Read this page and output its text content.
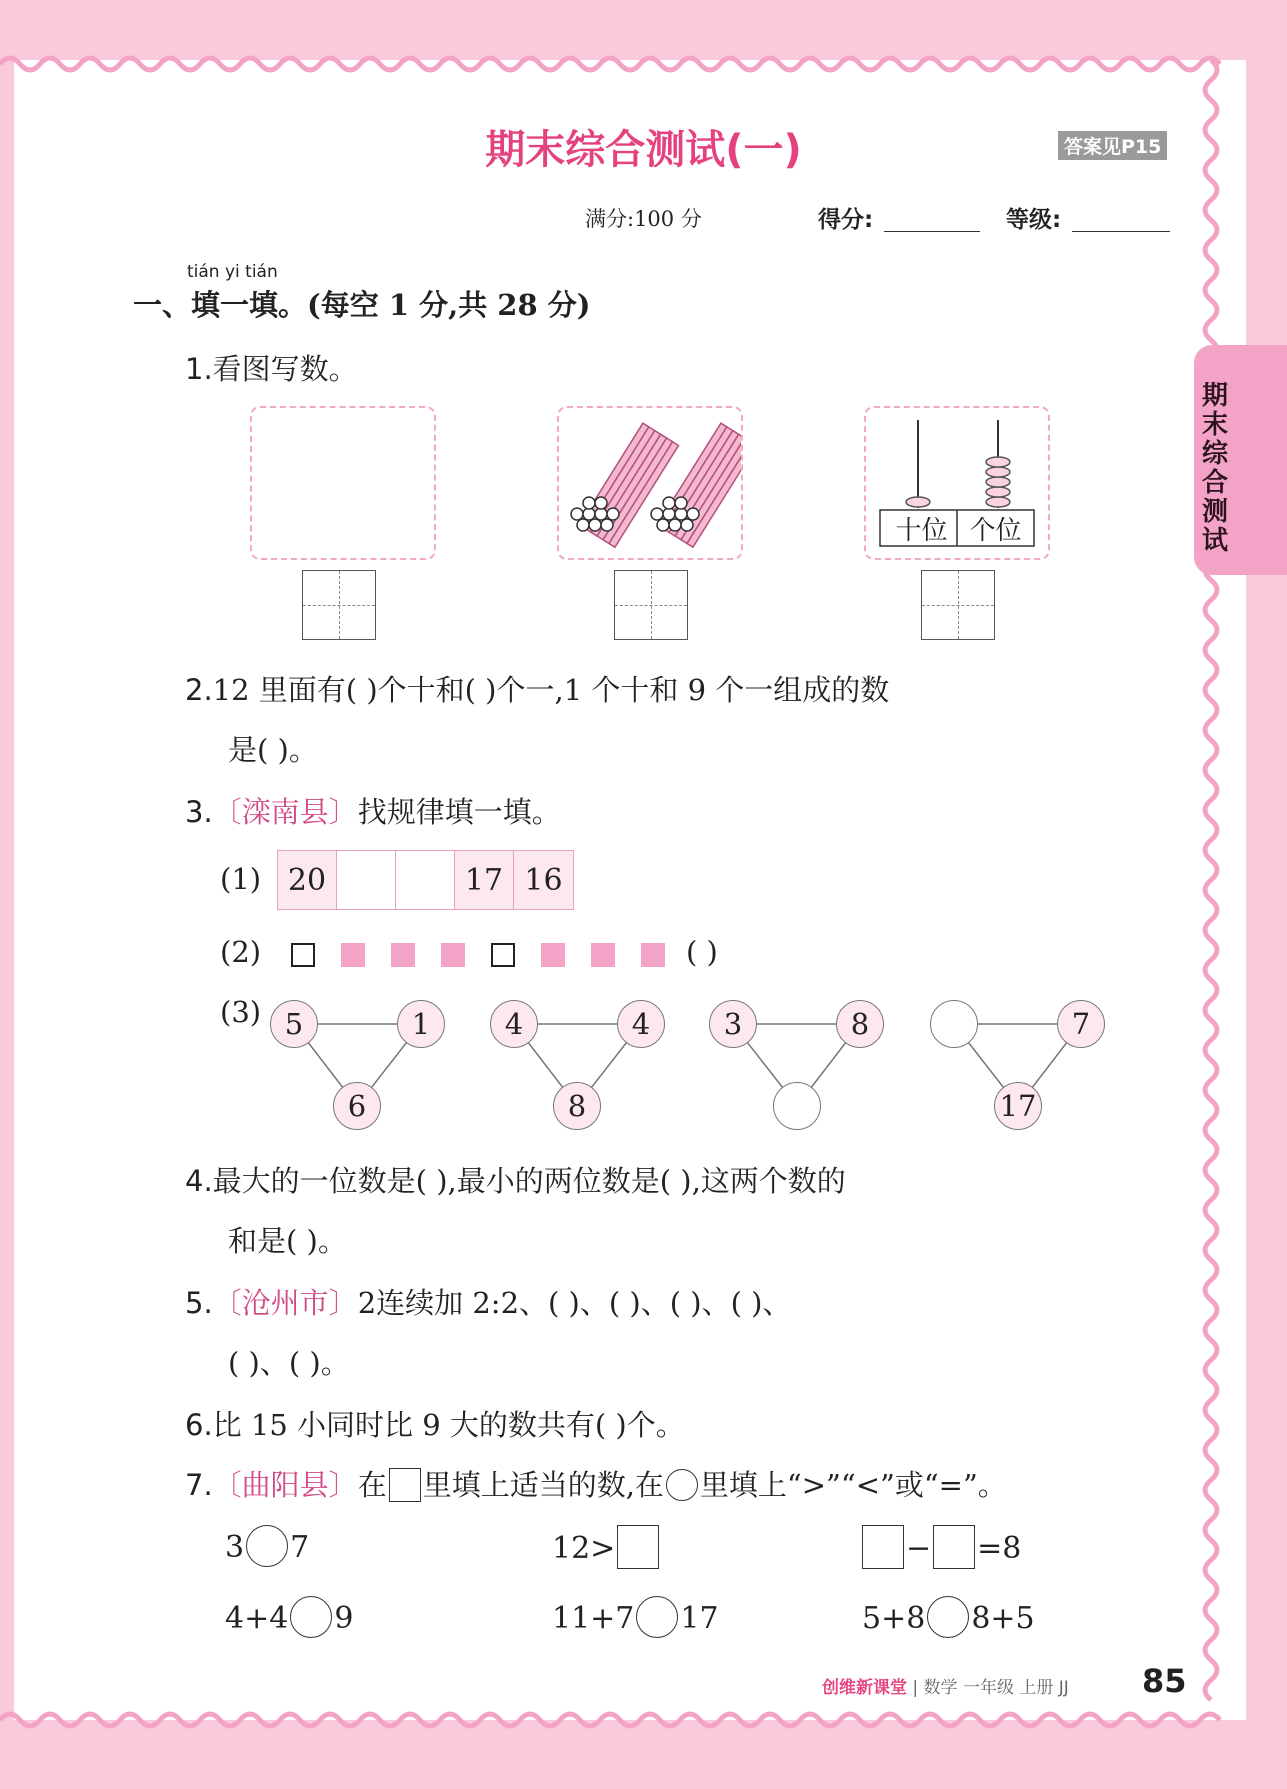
期末综合测试
期末综合测试(一)	答案见P15
满分:100 分	得分:	等级:
tián yi tián
一、填一填。(每空 1 分,共 28 分)
1.看图写数。
十位 个位
2.12 里面有( )个十和( )个一,1 个十和 9 个一组成的数
是( )。
3.〔滦南县〕找规律填一填。
(1) 20	17 16
(2)	( )
(3) 5	1
6
4	4
8
3	8	7
17
4.最大的一位数是( ),最小的两位数是( ),这两个数的
和是( )。
5.〔沧州市〕2连续加 2:2、( )、( )、( )、( )、
( )、( )。
6.比 15 小同时比 9 大的数共有( )个。
7.〔曲阳县〕在 里填上适当的数,在 里填上“>”“<”或“=”。
3 7	12>	− =8
4+4 9	11+7 17	5+8 8+5
创维新课堂 | 数学 一年级 上册 JJ 85
